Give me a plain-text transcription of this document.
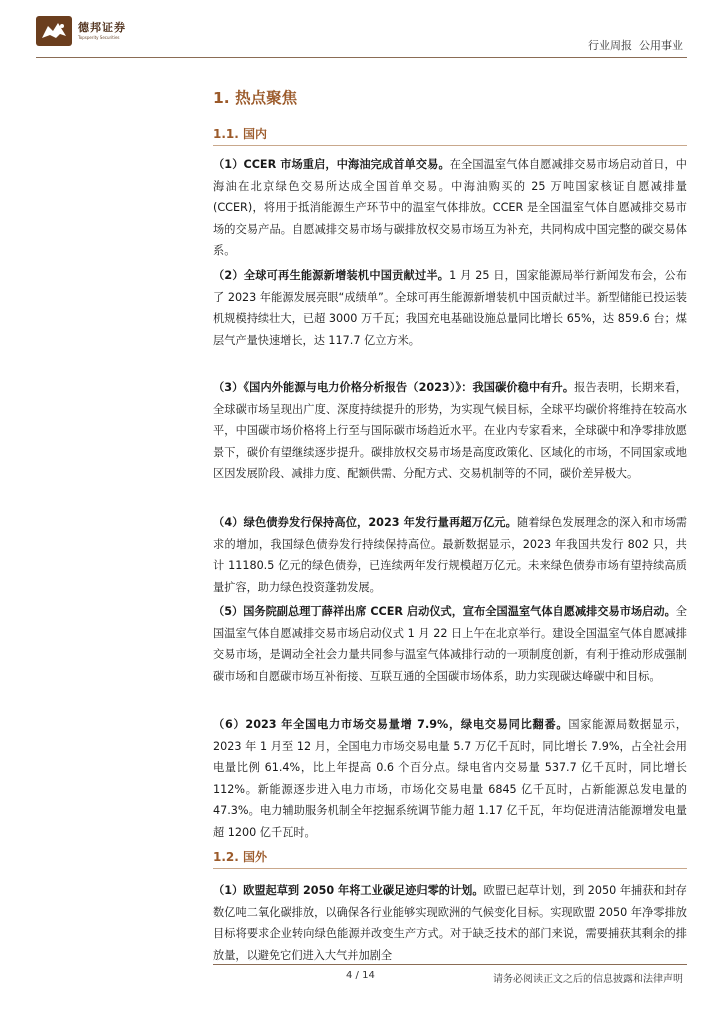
德邦证券
Topsperity Securities
行业周报  公用事业
1. 热点聚焦
1.1. 国内
（1）CCER 市场重启，中海油完成首单交易。在全国温室气体自愿减排交易市场启动首日，中海油在北京绿色交易所达成全国首单交易。中海油购买的 25 万吨国家核证自愿减排量(CCER)，将用于抵消能源生产环节中的温室气体排放。CCER 是全国温室气体自愿减排交易市场的交易产品。自愿减排交易市场与碳排放权交易市场互为补充，共同构成中国完整的碳交易体系。
（2）全球可再生能源新增装机中国贡献过半。1 月 25 日，国家能源局举行新闻发布会，公布了 2023 年能源发展亮眼“成绩单”。全球可再生能源新增装机中国贡献过半。新型储能已投运装机规模持续壮大，已超 3000 万千瓦；我国充电基础设施总量同比增长 65%，达 859.6 台；煤层气产量快速增长，达 117.7 亿立方米。
（3）《国内外能源与电力价格分析报告（2023）》：我国碳价稳中有升。报告表明，长期来看，全球碳市场呈现出广度、深度持续提升的形势，为实现气候目标，全球平均碳价将维持在较高水平，中国碳市场价格将上行至与国际碳市场趋近水平。在业内专家看来，全球碳中和净零排放愿景下，碳价有望继续逐步提升。碳排放权交易市场是高度政策化、区域化的市场，不同国家或地区因发展阶段、减排力度、配额供需、分配方式、交易机制等的不同，碳价差异极大。
（4）绿色债券发行保持高位，2023 年发行量再超万亿元。随着绿色发展理念的深入和市场需求的增加，我国绿色债券发行持续保持高位。最新数据显示，2023 年我国共发行 802 只，共计 11180.5 亿元的绿色债券，已连续两年发行规模超万亿元。未来绿色债券市场有望持续高质量扩容，助力绿色投资蓬勃发展。
（5）国务院副总理丁薛祥出席 CCER 启动仪式，宣布全国温室气体自愿减排交易市场启动。全国温室气体自愿减排交易市场启动仪式 1 月 22 日上午在北京举行。建设全国温室气体自愿减排交易市场，是调动全社会力量共同参与温室气体减排行动的一项制度创新，有利于推动形成强制碳市场和自愿碳市场互补衔接、互联互通的全国碳市场体系，助力实现碳达峰碳中和目标。
（6）2023 年全国电力市场交易量增 7.9%，绿电交易同比翻番。国家能源局数据显示，2023 年 1 月至 12 月，全国电力市场交易电量 5.7 万亿千瓦时，同比增长 7.9%，占全社会用电量比例 61.4%，比上年提高 0.6 个百分点。绿电省内交易量 537.7 亿千瓦时，同比增长 112%。新能源逐步进入电力市场，市场化交易电量 6845 亿千瓦时，占新能源总发电量的 47.3%。电力辅助服务机制全年挖掘系统调节能力超 1.17 亿千瓦，年均促进清洁能源增发电量超 1200 亿千瓦时。
1.2. 国外
（1）欧盟起草到 2050 年将工业碳足迹归零的计划。欧盟已起草计划，到 2050 年捕获和封存数亿吨二氧化碳排放，以确保各行业能够实现欧洲的气候变化目标。实现欧盟 2050 年净零排放目标将要求企业转向绿色能源并改变生产方式。对于缺乏技术的部门来说，需要捕获其剩余的排放量，以避免它们进入大气并加剧全
4 / 14	请务必阅读正文之后的信息披露和法律声明
